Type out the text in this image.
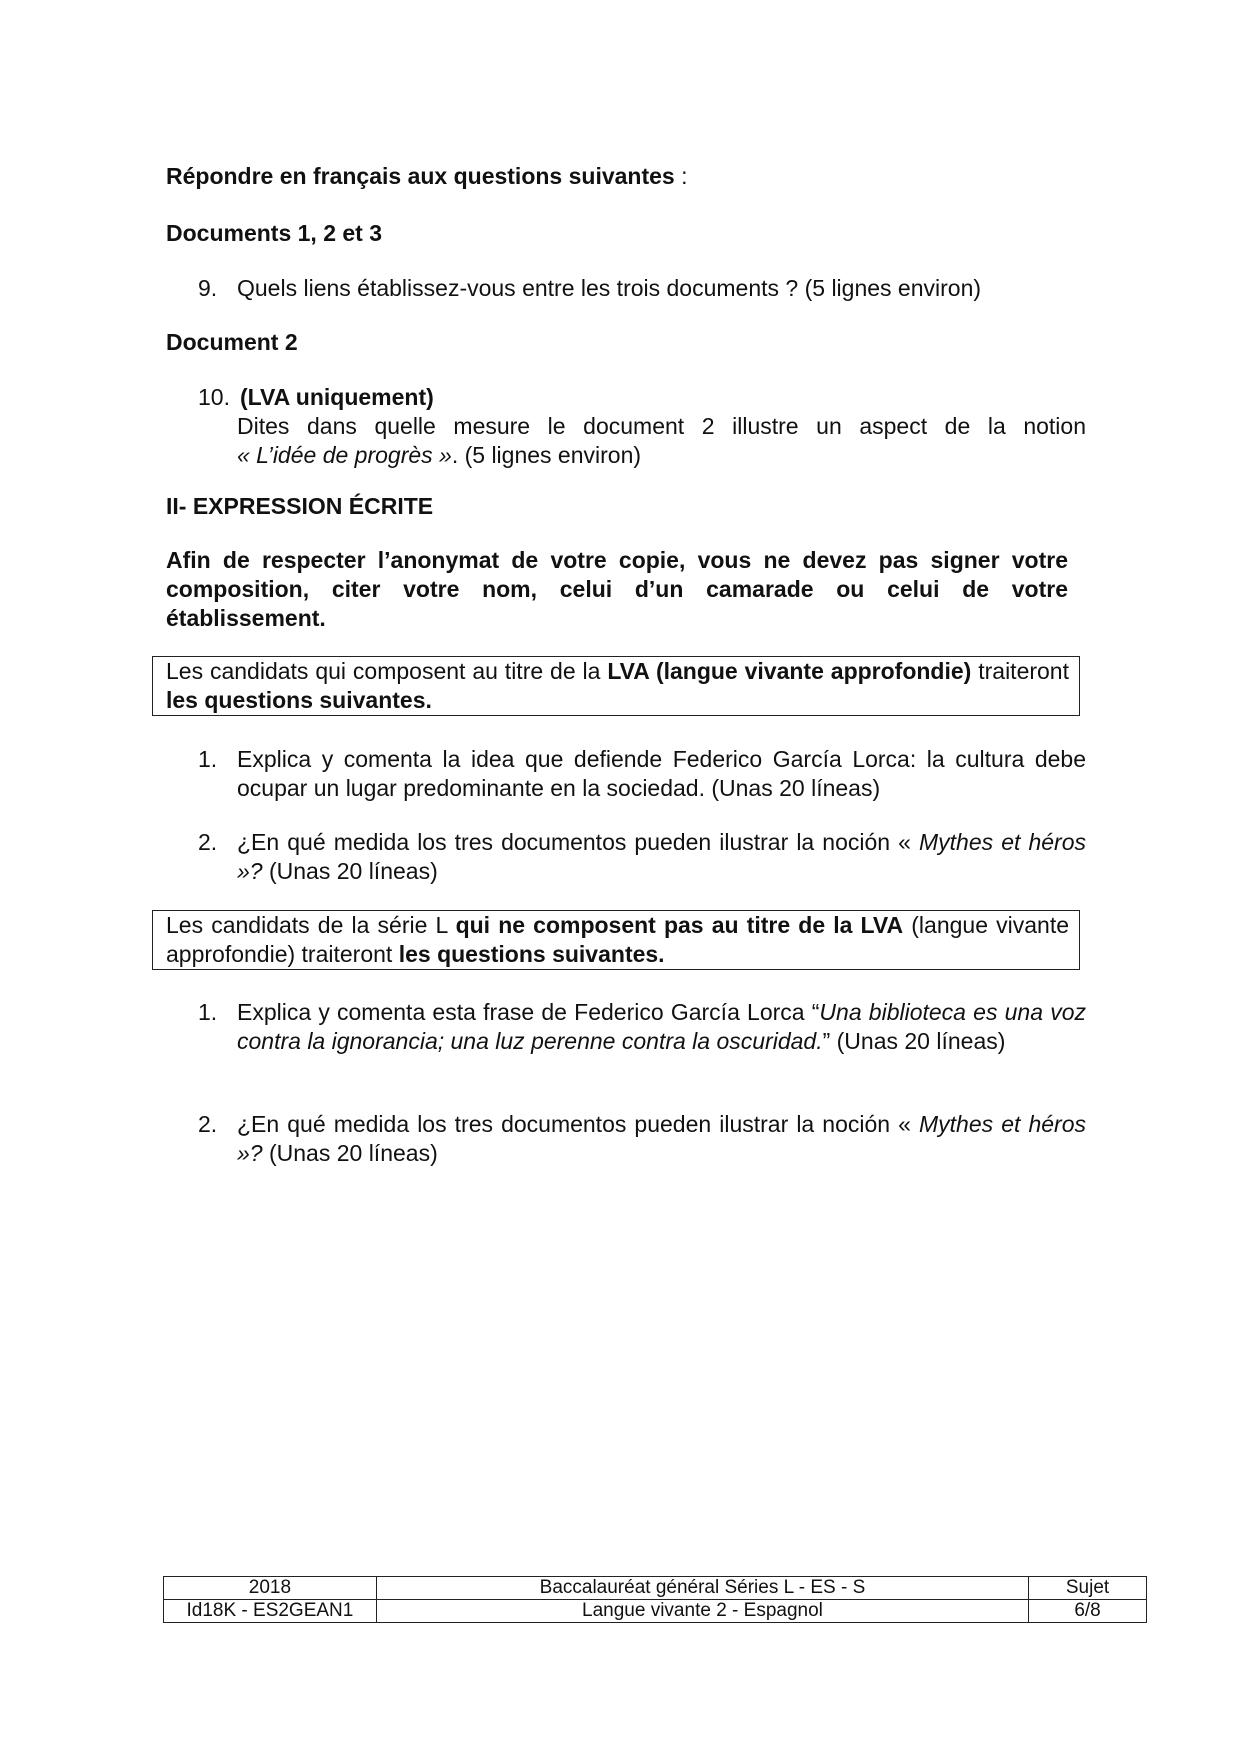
Répondre en français aux questions suivantes :
Documents 1, 2 et 3
9. Quels liens établissez-vous entre les trois documents ? (5 lignes environ)
Document 2
10. (LVA uniquement)
Dites dans quelle mesure le document 2 illustre un aspect de la notion
« L’idée de progrès ». (5 lignes environ)
II- EXPRESSION ÉCRITE
Afin de respecter l’anonymat de votre copie, vous ne devez pas signer votre composition, citer votre nom, celui d’un camarade ou celui de votre établissement.
Les candidats qui composent au titre de la LVA (langue vivante approfondie) traiteront les questions suivantes.
1. Explica y comenta la idea que defiende Federico García Lorca: la cultura debe ocupar un lugar predominante en la sociedad. (Unas 20 líneas)
2. ¿En qué medida los tres documentos pueden ilustrar la noción « Mythes et héros »? (Unas 20 líneas)
Les candidats de la série L qui ne composent pas au titre de la LVA (langue vivante approfondie) traiteront les questions suivantes.
1. Explica y comenta esta frase de Federico García Lorca “Una biblioteca es una voz contra la ignorancia; una luz perenne contra la oscuridad.” (Unas 20 líneas)
2. ¿En qué medida los tres documentos pueden ilustrar la noción « Mythes et héros »? (Unas 20 líneas)
2018	Baccalauréat général Séries L - ES - S	Sujet
Id18K - ES2GEAN1	Langue vivante 2 - Espagnol	6/8
